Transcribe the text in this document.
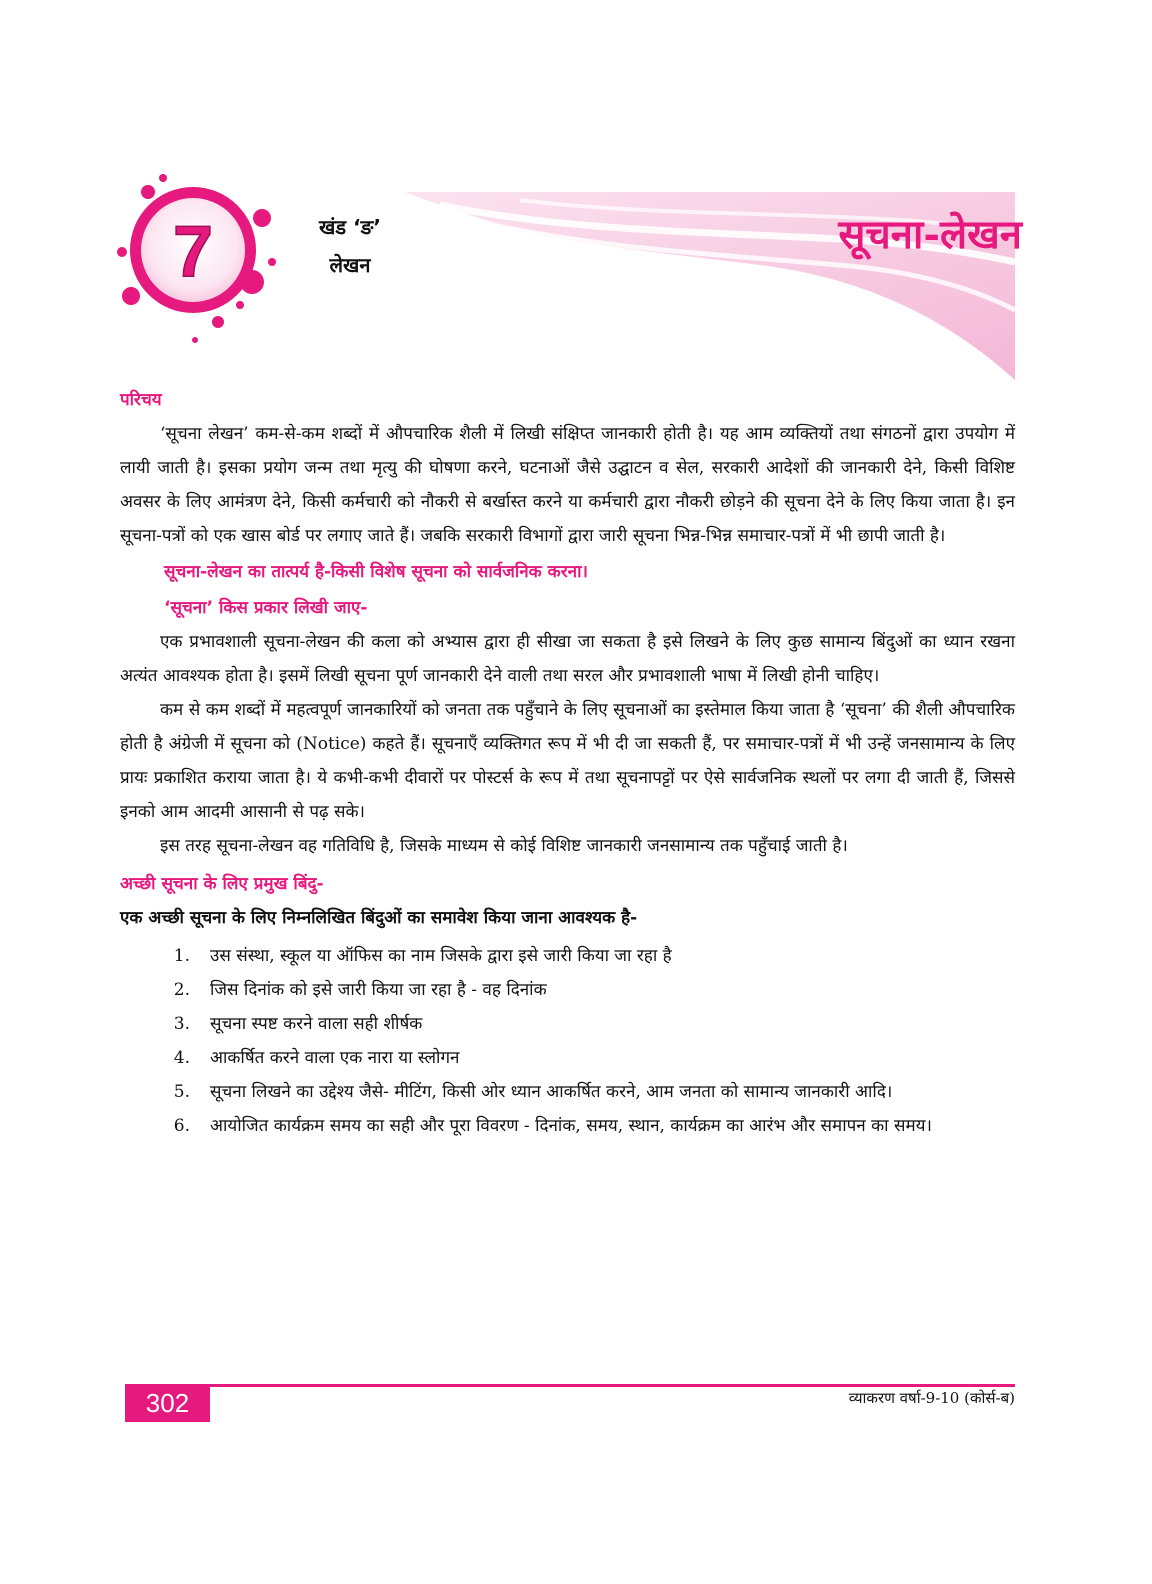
7	खंड ‘ङ’
लेखन
सूचना-लेखन
परिचय

‘सूचना लेखन’ कम-से-कम शब्दों में औपचारिक शैली में लिखी संक्षिप्त जानकारी होती है। यह आम व्यक्तियों तथा संगठनों द्वारा उपयोग में लायी जाती है। इसका प्रयोग जन्म तथा मृत्यु की घोषणा करने, घटनाओं जैसे उद्घाटन व सेल, सरकारी आदेशों की जानकारी देने, किसी विशिष्ट अवसर के लिए आमंत्रण देने, किसी कर्मचारी को नौकरी से बर्खास्त करने या कर्मचारी द्वारा नौकरी छोड़ने की सूचना देने के लिए किया जाता है। इन सूचना-पत्रों को एक खास बोर्ड पर लगाए जाते हैं। जबकि सरकारी विभागों द्वारा जारी सूचना भिन्न-भिन्न समाचार-पत्रों में भी छापी जाती है।

सूचना-लेखन का तात्पर्य है-किसी विशेष सूचना को सार्वजनिक करना।
‘सूचना’ किस प्रकार लिखी जाए-

एक प्रभावशाली सूचना-लेखन की कला को अभ्यास द्वारा ही सीखा जा सकता है इसे लिखने के लिए कुछ सामान्य बिंदुओं का ध्यान रखना अत्यंत आवश्यक होता है। इसमें लिखी सूचना पूर्ण जानकारी देने वाली तथा सरल और प्रभावशाली भाषा में लिखी होनी चाहिए।

कम से कम शब्दों में महत्वपूर्ण जानकारियों को जनता तक पहुँचाने के लिए सूचनाओं का इस्तेमाल किया जाता है ‘सूचना’ की शैली औपचारिक होती है अंग्रेजी में सूचना को (Notice) कहते हैं। सूचनाएँ व्यक्तिगत रूप में भी दी जा सकती हैं, पर समाचार-पत्रों में भी उन्हें जनसामान्य के लिए प्रायः प्रकाशित कराया जाता है। ये कभी-कभी दीवारों पर पोस्टर्स के रूप में तथा सूचनापट्टों पर ऐसे सार्वजनिक स्थलों पर लगा दी जाती हैं, जिससे इनको आम आदमी आसानी से पढ़ सके।

इस तरह सूचना-लेखन वह गतिविधि है, जिसके माध्यम से कोई विशिष्ट जानकारी जनसामान्य तक पहुँचाई जाती है।

अच्छी सूचना के लिए प्रमुख बिंदु-
एक अच्छी सूचना के लिए निम्नलिखित बिंदुओं का समावेश किया जाना आवश्यक है-
1.	उस संस्था, स्कूल या ऑफिस का नाम जिसके द्वारा इसे जारी किया जा रहा है
2.	जिस दिनांक को इसे जारी किया जा रहा है - वह दिनांक
3.	सूचना स्पष्ट करने वाला सही शीर्षक
4.	आकर्षित करने वाला एक नारा या स्लोगन
5.	सूचना लिखने का उद्देश्य जैसे- मीटिंग, किसी ओर ध्यान आकर्षित करने, आम जनता को सामान्य जानकारी आदि।
6.	आयोजित कार्यक्रम समय का सही और पूरा विवरण - दिनांक, समय, स्थान, कार्यक्रम का आरंभ और समापन का समय।
302	व्याकरण वर्षा-9-10 (कोर्स-ब)
